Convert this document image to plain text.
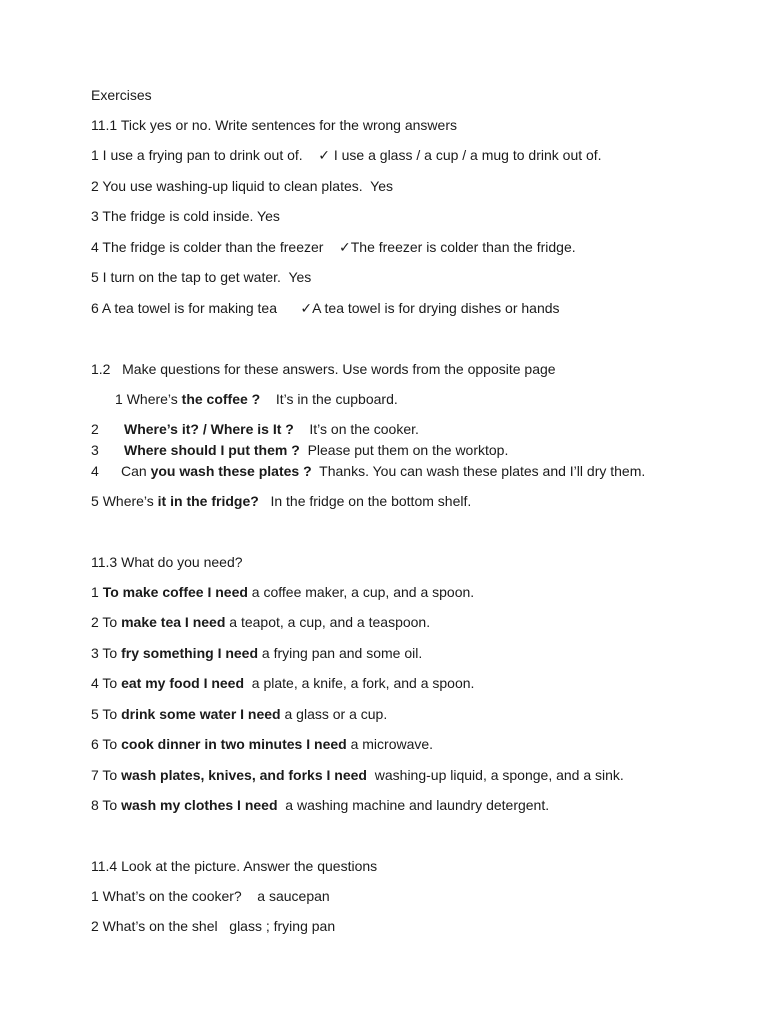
Exercises
11.1 Tick yes or no. Write sentences for the wrong answers
1 I use a frying pan to drink out of. ✓ I use a glass / a cup / a mug to drink out of.
2 You use washing-up liquid to clean plates. Yes
3 The fridge is cold inside. Yes
4 The fridge is colder than the freezer ✓The freezer is colder than the fridge.
5 I turn on the tap to get water. Yes
6 A tea towel is for making tea ✓A tea towel is for drying dishes or hands
1.2   Make questions for these answers. Use words from the opposite page
1 Where’s the coffee ? It’s in the cupboard.
2 Where’s it? / Where is It ? It’s on the cooker.
3 Where should I put them ? Please put them on the worktop.
4 Can you wash these plates ? Thanks. You can wash these plates and I’ll dry them.
5 Where’s it in the fridge? In the fridge on the bottom shelf.
11.3 What do you need?
1 To make coffee I need a coffee maker, a cup, and a spoon.
2 To make tea I need a teapot, a cup, and a teaspoon.
3 To fry something I need a frying pan and some oil.
4 To eat my food I need  a plate, a knife, a fork, and a spoon.
5 To drink some water I need a glass or a cup.
6 To cook dinner in two minutes I need a microwave.
7 To wash plates, knives, and forks I need  washing-up liquid, a sponge, and a sink.
8 To wash my clothes I need  a washing machine and laundry detergent.
11.4 Look at the picture. Answer the questions
1 What’s on the cooker? a saucepan
2 What’s on the shel glass ; frying pan
